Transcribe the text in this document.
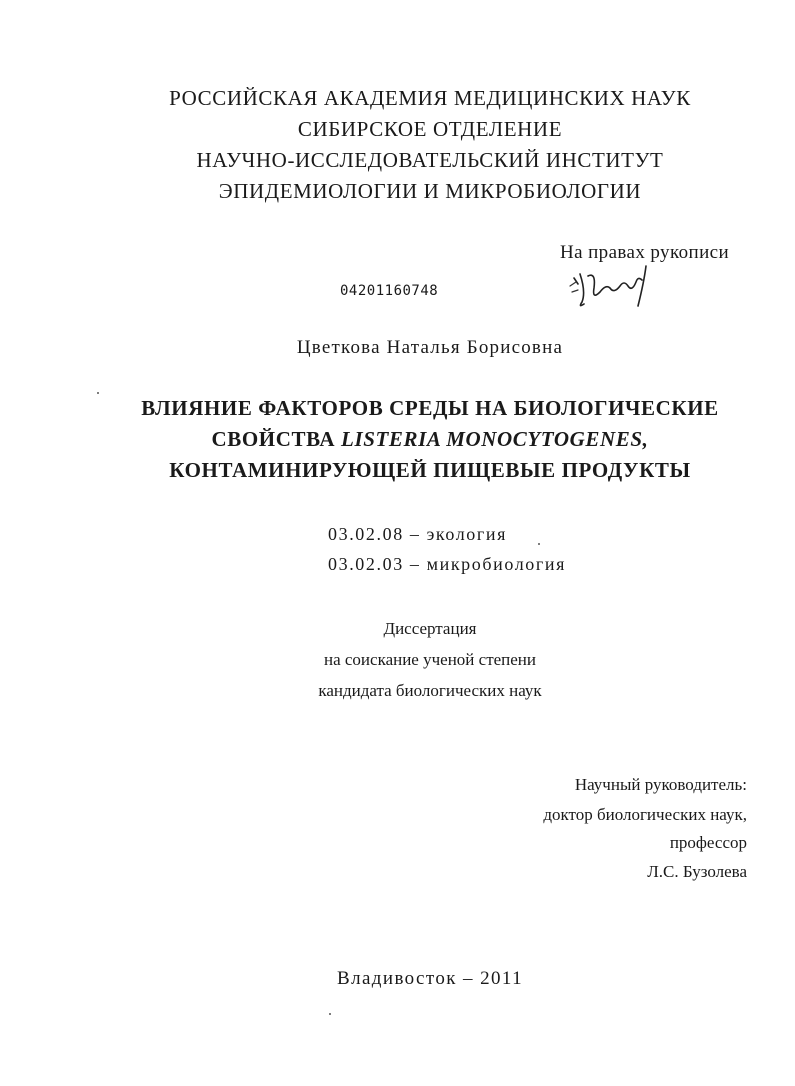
РОССИЙСКАЯ АКАДЕМИЯ МЕДИЦИНСКИХ НАУК
СИБИРСКОЕ ОТДЕЛЕНИЕ
НАУЧНО-ИССЛЕДОВАТЕЛЬСКИЙ ИНСТИТУТ
ЭПИДЕМИОЛОГИИ И МИКРОБИОЛОГИИ
На правах рукописи
04201160748
Цветкова Наталья Борисовна
ВЛИЯНИЕ ФАКТОРОВ СРЕДЫ НА БИОЛОГИЧЕСКИЕ
СВОЙСТВА LISTERIA MONOCYTOGENES,
КОНТАМИНИРУЮЩЕЙ ПИЩЕВЫЕ ПРОДУКТЫ
03.02.08 – экология
03.02.03 – микробиология
Диссертация
на соискание ученой степени
кандидата биологических наук
Научный руководитель:
доктор биологических наук,
профессор
Л.С. Бузолева
Владивосток – 2011
